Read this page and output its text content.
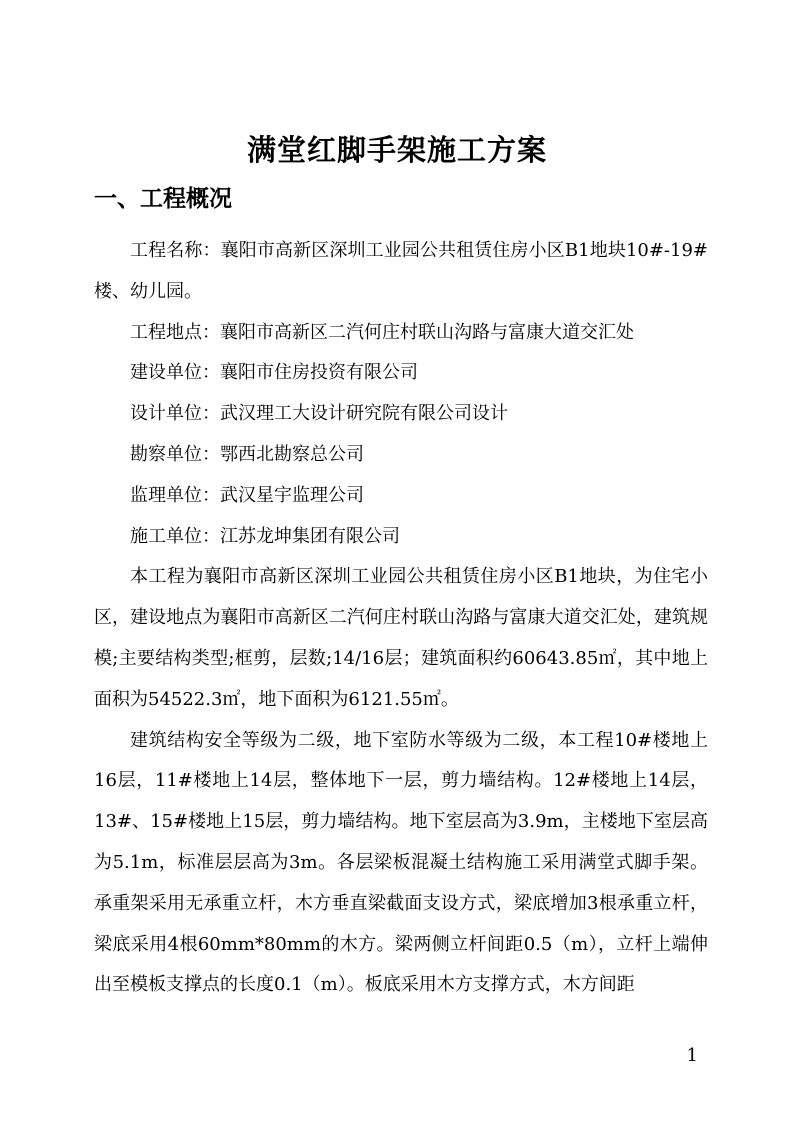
满堂红脚手架施工方案
一、工程概况

工程名称：襄阳市高新区深圳工业园公共租赁住房小区B1地块10#-19#楼、幼儿园。

工程地点：襄阳市高新区二汽何庄村联山沟路与富康大道交汇处

建设单位：襄阳市住房投资有限公司

设计单位：武汉理工大设计研究院有限公司设计

勘察单位：鄂西北勘察总公司

监理单位：武汉星宇监理公司

施工单位：江苏龙坤集团有限公司

本工程为襄阳市高新区深圳工业园公共租赁住房小区B1地块，为住宅小区，建设地点为襄阳市高新区二汽何庄村联山沟路与富康大道交汇处，建筑规模;主要结构类型;框剪，层数;14/16层；建筑面积约60643.85㎡，其中地上面积为54522.3㎡，地下面积为6121.55㎡。

建筑结构安全等级为二级，地下室防水等级为二级，本工程10#楼地上16层，11#楼地上14层，整体地下一层，剪力墙结构。12#楼地上14层，13#、15#楼地上15层，剪力墙结构。地下室层高为3.9m，主楼地下室层高为5.1m，标准层层高为3m。各层梁板混凝土结构施工采用满堂式脚手架。承重架采用无承重立杆，木方垂直梁截面支设方式，梁底增加3根承重立杆，梁底采用4根60mm*80mm的木方。梁两侧立杆间距0.5（m），立杆上端伸出至模板支撑点的长度0.1（m）。板底采用木方支撑方式，木方间距

1
